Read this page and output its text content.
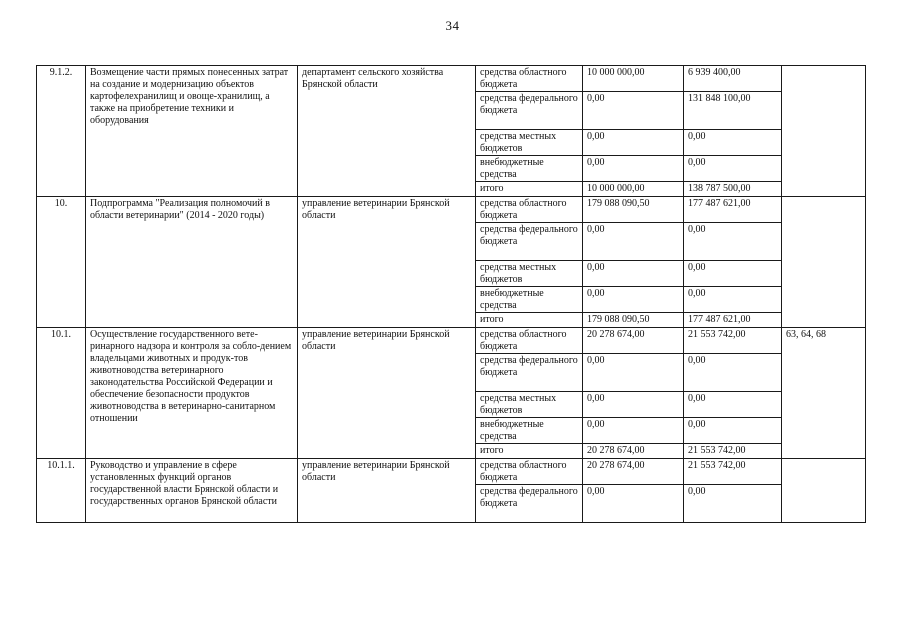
34
9.1.2.	Возмещение части прямых понесенных затрат на создание и модернизацию объектов картофелехранилищ и овоще-хранилищ, а также на приобретение техники и оборудования	департамент сельского хозяйства Брянской области	средства областного бюджета	10 000 000,00	6 939 400,00	
			средства федерального бюджета	0,00	131 848 100,00	
			средства местных бюджетов	0,00	0,00	
			внебюджетные средства	0,00	0,00	
			итого	10 000 000,00	138 787 500,00	
10.	Подпрограмма "Реализация полномочий в области ветеринарии" (2014 - 2020 годы)	управление ветеринарии Брянской области	средства областного бюджета	179 088 090,50	177 487 621,00	
			средства федерального бюджета	0,00	0,00	
			средства местных бюджетов	0,00	0,00	
			внебюджетные средства	0,00	0,00	
			итого	179 088 090,50	177 487 621,00	
10.1.	Осуществление государственного вете-ринарного надзора и контроля за собло-дением владельцами животных и продук-тов животноводства ветеринарного законодательства Российской Федерации и обеспечение безопасности продуктов животноводства в ветеринарно-санитарном отношении	управление ветеринарии Брянской области	средства областного бюджета	20 278 674,00	21 553 742,00	63, 64, 68
			средства федерального бюджета	0,00	0,00	
			средства местных бюджетов	0,00	0,00	
			внебюджетные средства	0,00	0,00	
			итого	20 278 674,00	21 553 742,00	
10.1.1.	Руководство и управление в сфере установленных функций органов государственной власти Брянской области и государственных органов Брянской области	управление ветеринарии Брянской области	средства областного бюджета	20 278 674,00	21 553 742,00	
			средства федерального бюджета	0,00	0,00	
